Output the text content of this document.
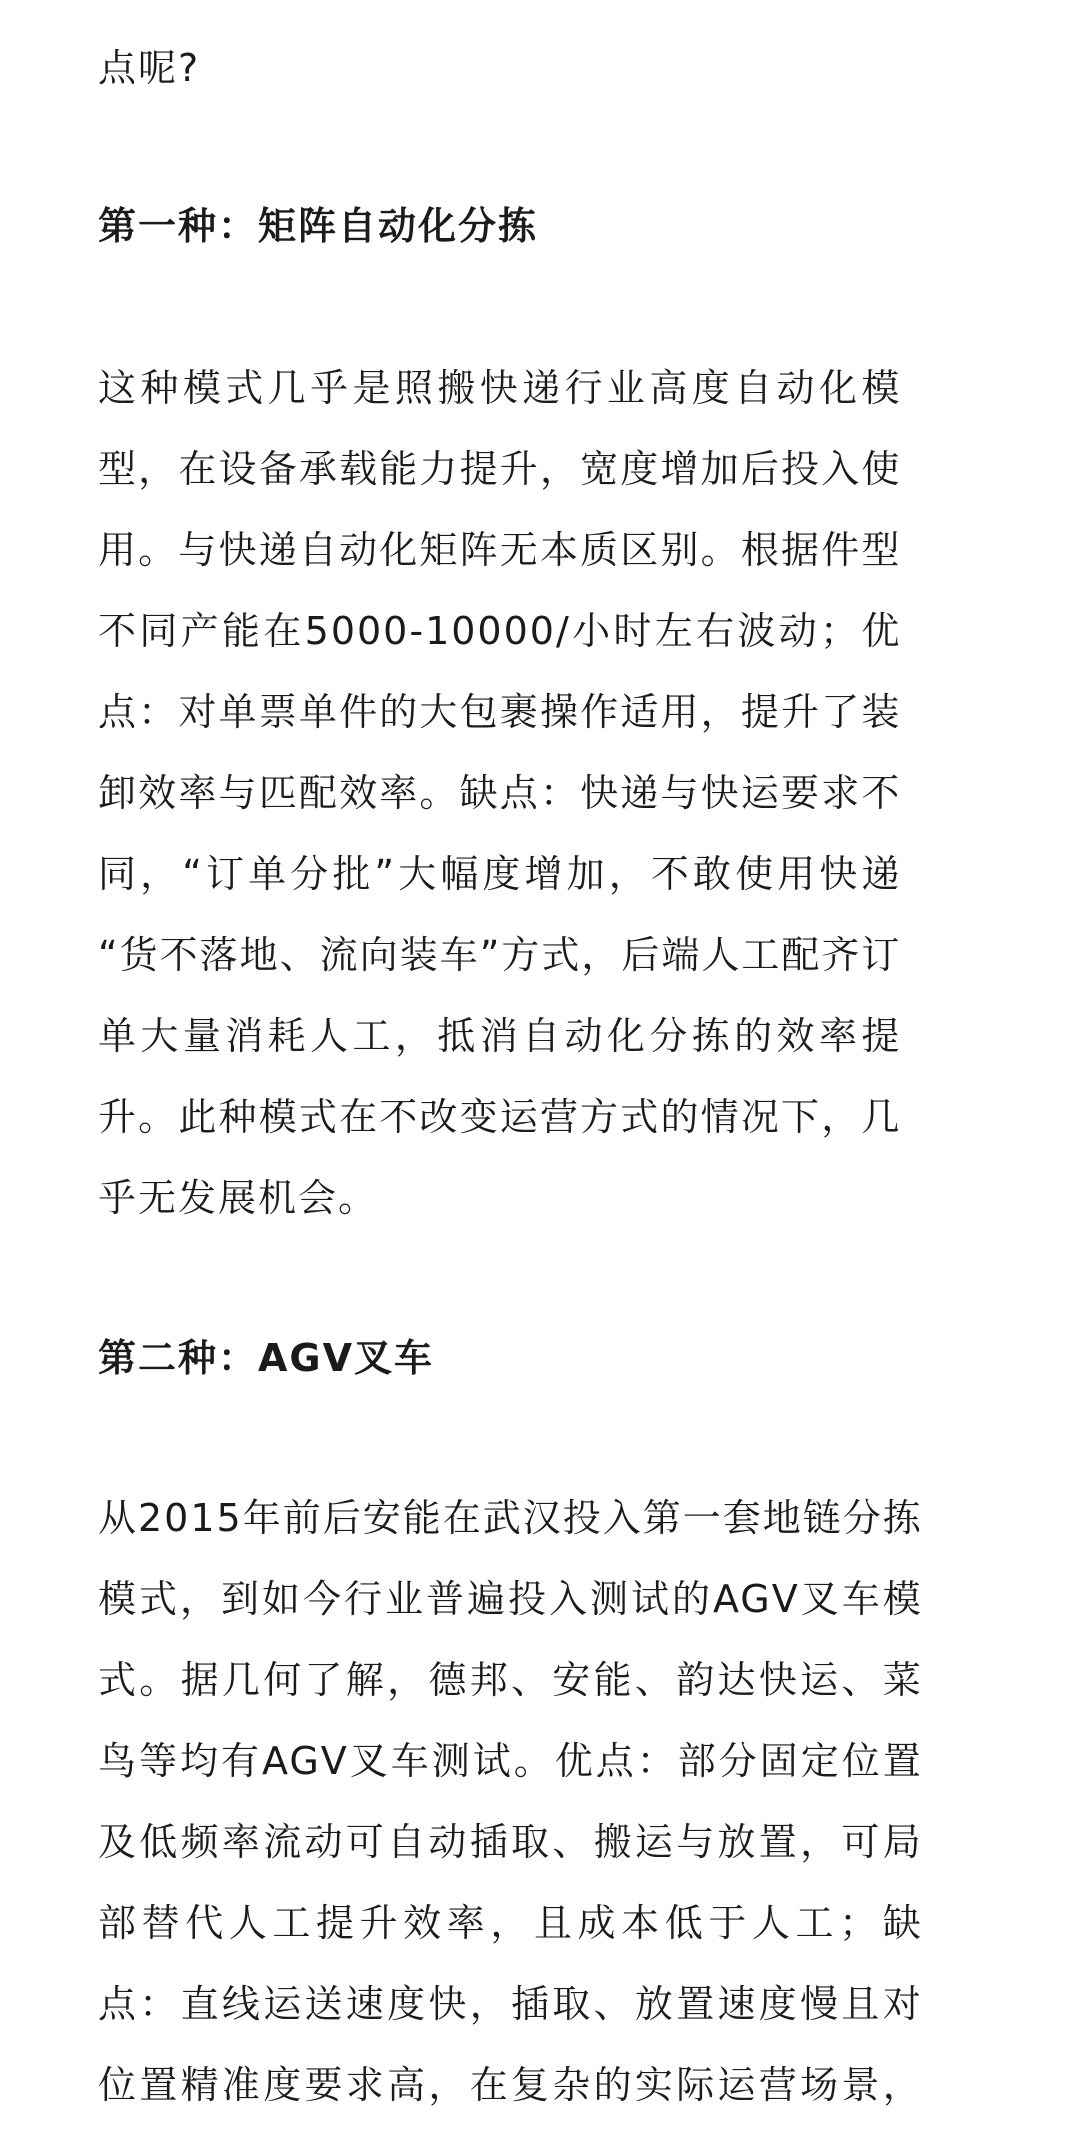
点呢?

第一种：矩阵自动化分拣

这种模式几乎是照搬快递行业高度自动化模
型，在设备承载能力提升，宽度增加后投入使
用。与快递自动化矩阵无本质区别。根据件型
不同产能在5000-10000/小时左右波动；优
点：对单票单件的大包裹操作适用，提升了装
卸效率与匹配效率。缺点：快递与快运要求不
同，“订单分批”大幅度增加，不敢使用快递
“货不落地、流向装车”方式，后端人工配齐订
单大量消耗人工，抵消自动化分拣的效率提
升。此种模式在不改变运营方式的情况下，几
乎无发展机会。

第二种：AGV叉车

从2015年前后安能在武汉投入第一套地链分拣
模式，到如今行业普遍投入测试的AGV叉车模
式。据几何了解，德邦、安能、韵达快运、菜
鸟等均有AGV叉车测试。优点：部分固定位置
及低频率流动可自动插取、搬运与放置，可局
部替代人工提升效率，且成本低于人工；缺
点：直线运送速度快，插取、放置速度慢且对
位置精准度要求高，在复杂的实际运营场景，
